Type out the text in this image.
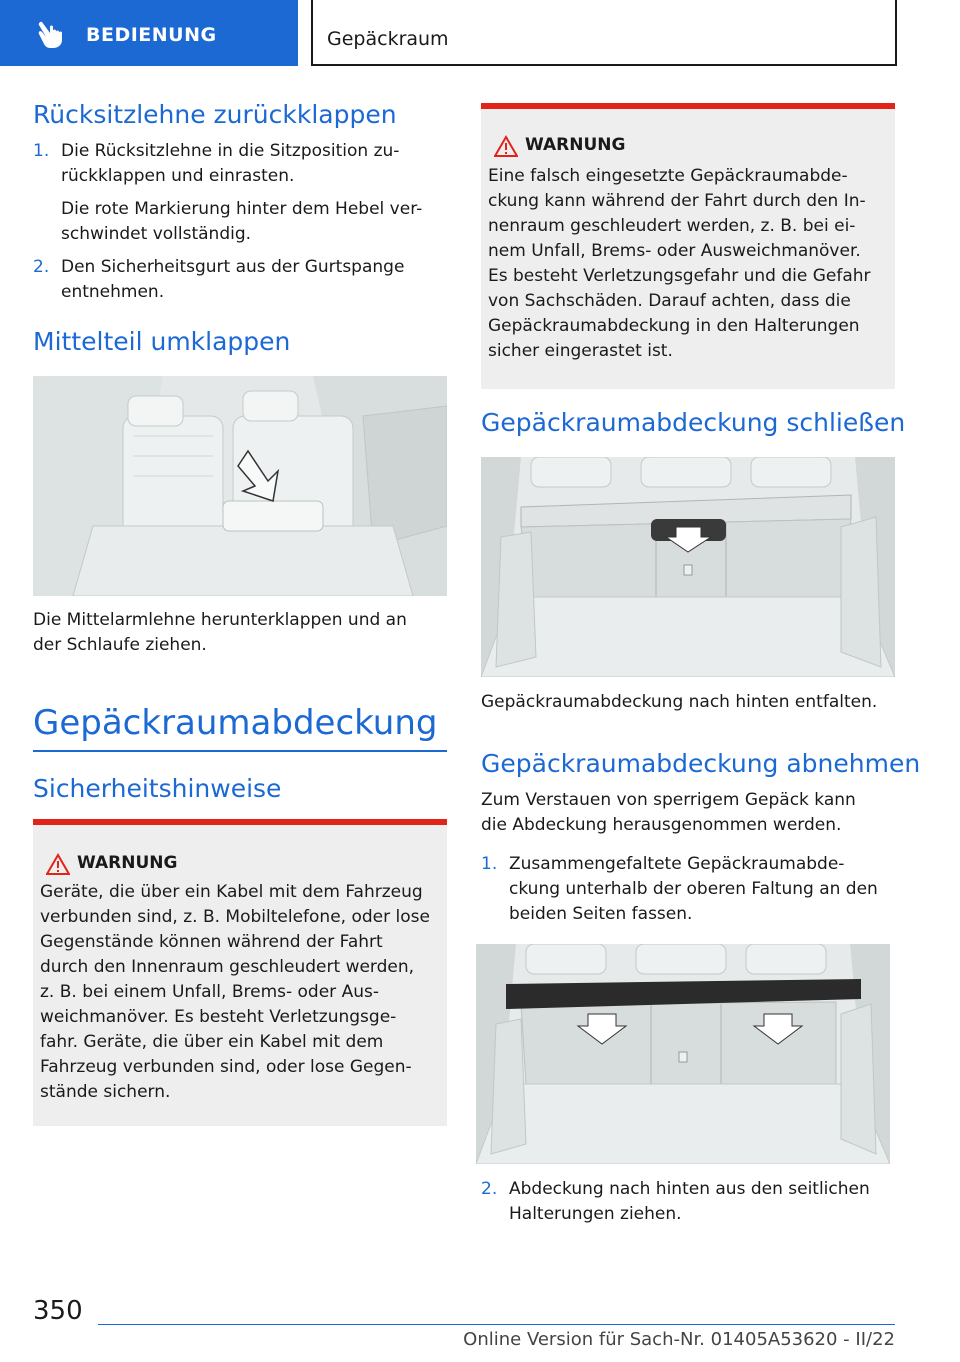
BEDIENUNG	Gepäckraum
Rücksitzlehne zurückklappen
1. Die Rücksitzlehne in die Sitzposition zu-
rückklappen und einrasten.
Die rote Markierung hinter dem Hebel ver-
schwindet vollständig.
2. Den Sicherheitsgurt aus der Gurtspange
entnehmen.
Mittelteil umklappen
Die Mittelarmlehne herunterklappen und an
der Schlaufe ziehen.
Gepäckraumabdeckung
Sicherheitshinweise
WARNUNG
Geräte, die über ein Kabel mit dem Fahrzeug
verbunden sind, z. B. Mobiltelefone, oder lose
Gegenstände können während der Fahrt
durch den Innenraum geschleudert werden,
z. B. bei einem Unfall, Brems- oder Aus-
weichmanöver. Es besteht Verletzungsge-
fahr. Geräte, die über ein Kabel mit dem
Fahrzeug verbunden sind, oder lose Gegen-
stände sichern.
WARNUNG
Eine falsch eingesetzte Gepäckraumabde-
ckung kann während der Fahrt durch den In-
nenraum geschleudert werden, z. B. bei ei-
nem Unfall, Brems- oder Ausweichmanöver.
Es besteht Verletzungsgefahr und die Gefahr
von Sachschäden. Darauf achten, dass die
Gepäckraumabdeckung in den Halterungen
sicher eingerastet ist.
Gepäckraumabdeckung schließen
Gepäckraumabdeckung nach hinten entfalten.
Gepäckraumabdeckung abnehmen
Zum Verstauen von sperrigem Gepäck kann
die Abdeckung herausgenommen werden.
1. Zusammengefaltete Gepäckraumabde-
ckung unterhalb der oberen Faltung an den
beiden Seiten fassen.
2. Abdeckung nach hinten aus den seitlichen
Halterungen ziehen.
350
Online Version für Sach-Nr. 01405A53620 - II/22
